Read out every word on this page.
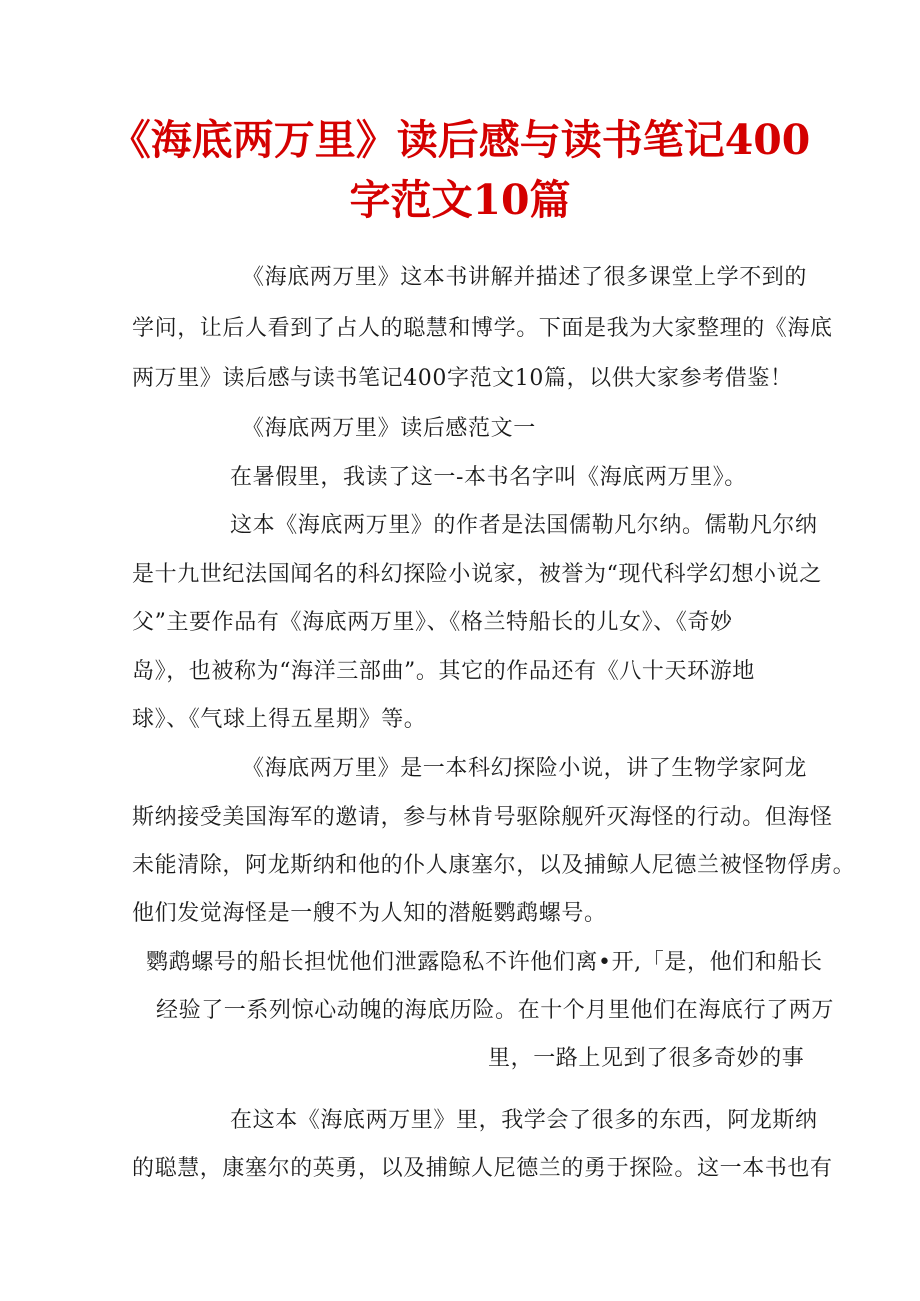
《海底两万里》读后感与读书笔记400
字范文10篇

《海底两万里》这本书讲解并描述了很多课堂上学不到的

学问，让后人看到了占人的聪慧和博学。下面是我为大家整理的《海底

两万里》读后感与读书笔记400字范文10篇，以供大家参考借鉴！

《海底两万里》读后感范文一

在暑假里，我读了这一-本书名字叫《海底两万里》。

这本《海底两万里》的作者是法国儒勒凡尔纳。儒勒凡尔纳

是十九世纪法国闻名的科幻探险小说家，被誉为“现代科学幻想小说之

父”主要作品有《海底两万里》、《格兰特船长的儿女》、《奇妙

岛》，也被称为“海洋三部曲”。其它的作品还有《八十天环游地

球》、《气球上得五星期》等。

《海底两万里》是一本科幻探险小说，讲了生物学家阿龙

斯纳接受美国海军的邀请，参与林肯号驱除舰歼灭海怪的行动。但海怪

未能清除，阿龙斯纳和他的仆人康塞尔，以及捕鲸人尼德兰被怪物俘虏。

他们发觉海怪是一艘不为人知的潜艇鹦鹉螺号。

鹦鹉螺号的船长担忧他们泄露隐私不许他们离•开,「是，他们和船长

经验了一系列惊心动魄的海底历险。在十个月里他们在海底行了两万

里，一路上见到了很多奇妙的事

在这本《海底两万里》里，我学会了很多的东西，阿龙斯纳

的聪慧，康塞尔的英勇，以及捕鲸人尼德兰的勇于探险。这一本书也有
